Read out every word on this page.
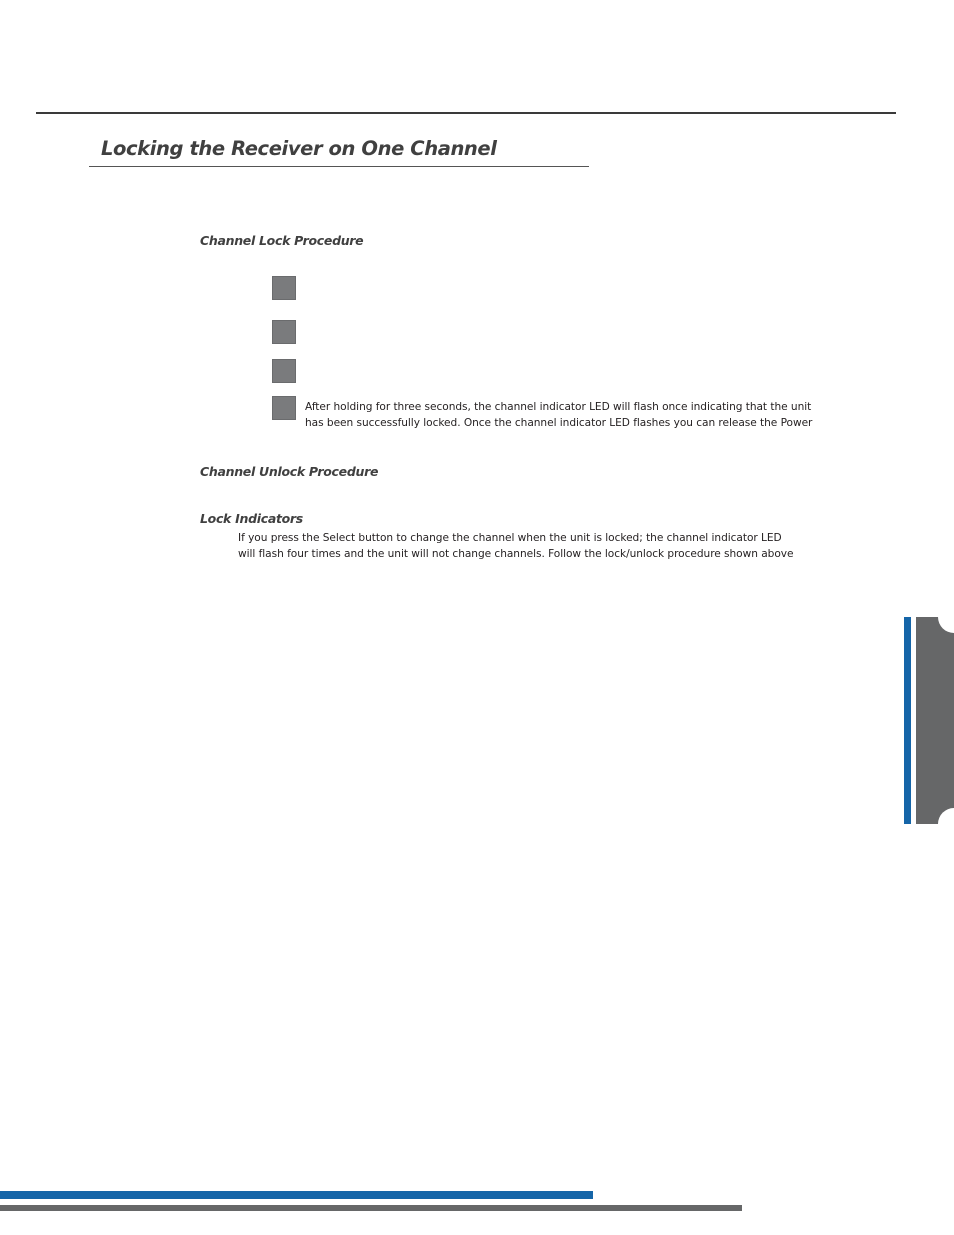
Locking the Receiver on One Channel
Channel Lock Procedure

After holding for three seconds, the channel indicator LED will flash once indicating that the unit
has been successfully locked. Once the channel indicator LED flashes you can release the Power

Channel Unlock Procedure
Lock Indicators

If you press the Select button to change the channel when the unit is locked; the channel indicator LED
will flash four times and the unit will not change channels. Follow the lock/unlock procedure shown above
